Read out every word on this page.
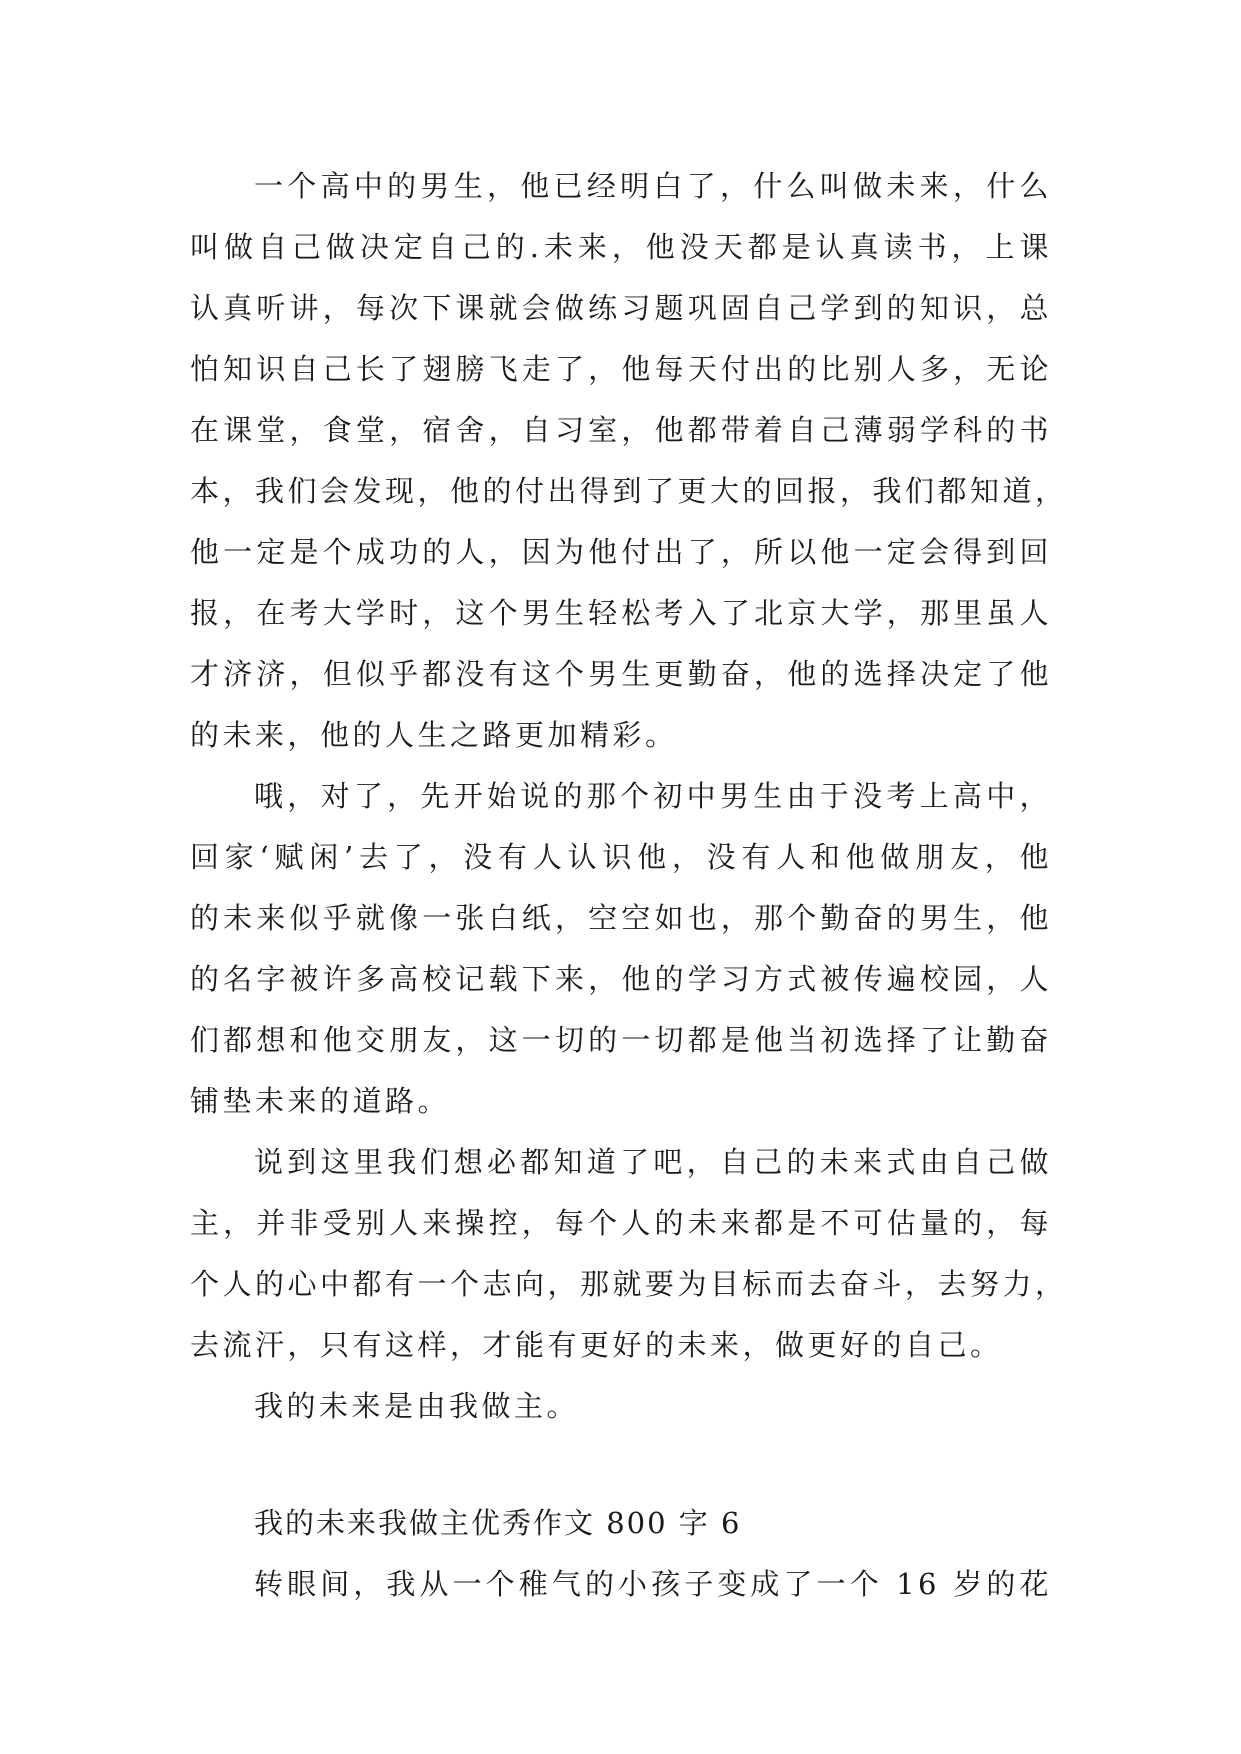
一个高中的男生，他已经明白了，什么叫做未来，什么
叫做自己做决定自己的.未来，他没天都是认真读书，上课
认真听讲，每次下课就会做练习题巩固自己学到的知识，总
怕知识自己长了翅膀飞走了，他每天付出的比别人多，无论
在课堂，食堂，宿舍，自习室，他都带着自己薄弱学科的书
本，我们会发现，他的付出得到了更大的回报，我们都知道，
他一定是个成功的人，因为他付出了，所以他一定会得到回
报，在考大学时，这个男生轻松考入了北京大学，那里虽人
才济济，但似乎都没有这个男生更勤奋，他的选择决定了他
的未来，他的人生之路更加精彩。
哦，对了，先开始说的那个初中男生由于没考上高中，
回家‘赋闲’去了，没有人认识他，没有人和他做朋友，他
的未来似乎就像一张白纸，空空如也，那个勤奋的男生，他
的名字被许多高校记载下来，他的学习方式被传遍校园，人
们都想和他交朋友，这一切的一切都是他当初选择了让勤奋
铺垫未来的道路。
说到这里我们想必都知道了吧，自己的未来式由自己做
主，并非受别人来操控，每个人的未来都是不可估量的，每
个人的心中都有一个志向，那就要为目标而去奋斗，去努力，
去流汗，只有这样，才能有更好的未来，做更好的自己。
我的未来是由我做主。
我的未来我做主优秀作文 800 字 6
转眼间，我从一个稚气的小孩子变成了一个 16 岁的花
